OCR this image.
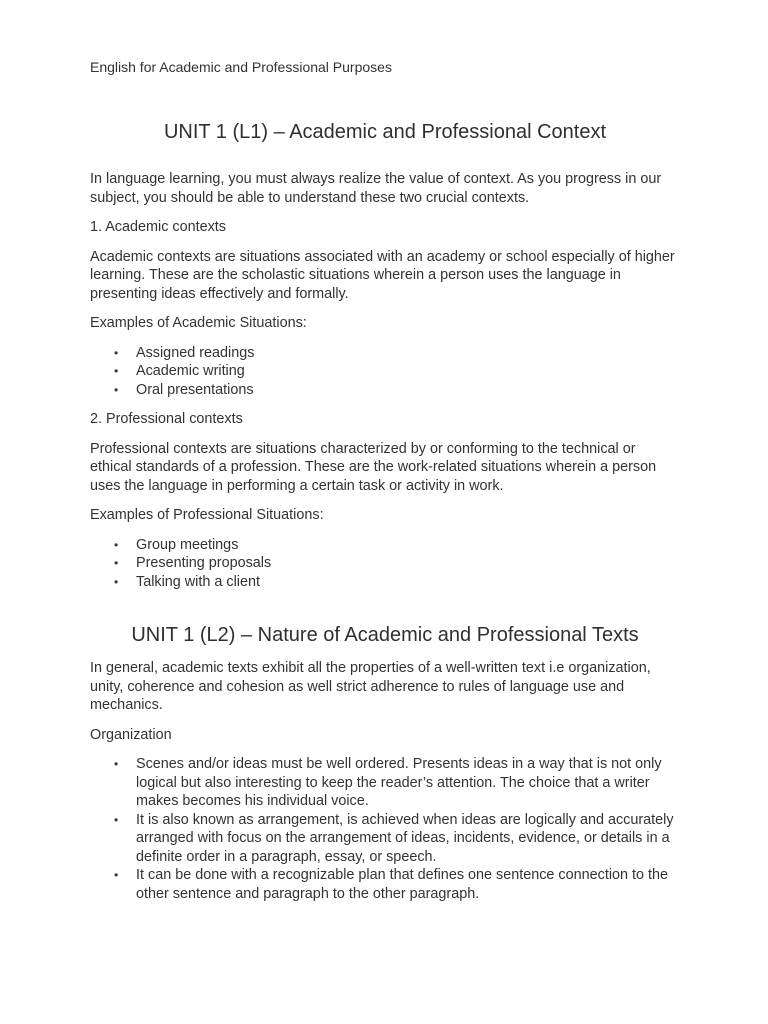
English for Academic and Professional Purposes

UNIT 1 (L1) – Academic and Professional Context

In language learning, you must always realize the value of context. As you progress in our subject, you should be able to understand these two crucial contexts.

1. Academic contexts

Academic contexts are situations associated with an academy or school especially of higher learning. These are the scholastic situations wherein a person uses the language in presenting ideas effectively and formally.

Examples of Academic Situations:

• Assigned readings
• Academic writing
• Oral presentations

2. Professional contexts

Professional contexts are situations characterized by or conforming to the technical or ethical standards of a profession. These are the work-related situations wherein a person uses the language in performing a certain task or activity in work.

Examples of Professional Situations:

• Group meetings
• Presenting proposals
• Talking with a client
UNIT 1 (L2) – Nature of Academic and Professional Texts

In general, academic texts exhibit all the properties of a well-written text i.e organization, unity, coherence and cohesion as well strict adherence to rules of language use and mechanics.

Organization

• Scenes and/or ideas must be well ordered. Presents ideas in a way that is not only logical but also interesting to keep the reader’s attention. The choice that a writer makes becomes his individual voice.
• It is also known as arrangement, is achieved when ideas are logically and accurately arranged with focus on the arrangement of ideas, incidents, evidence, or details in a definite order in a paragraph, essay, or speech.
• It can be done with a recognizable plan that defines one sentence connection to the other sentence and paragraph to the other paragraph.
